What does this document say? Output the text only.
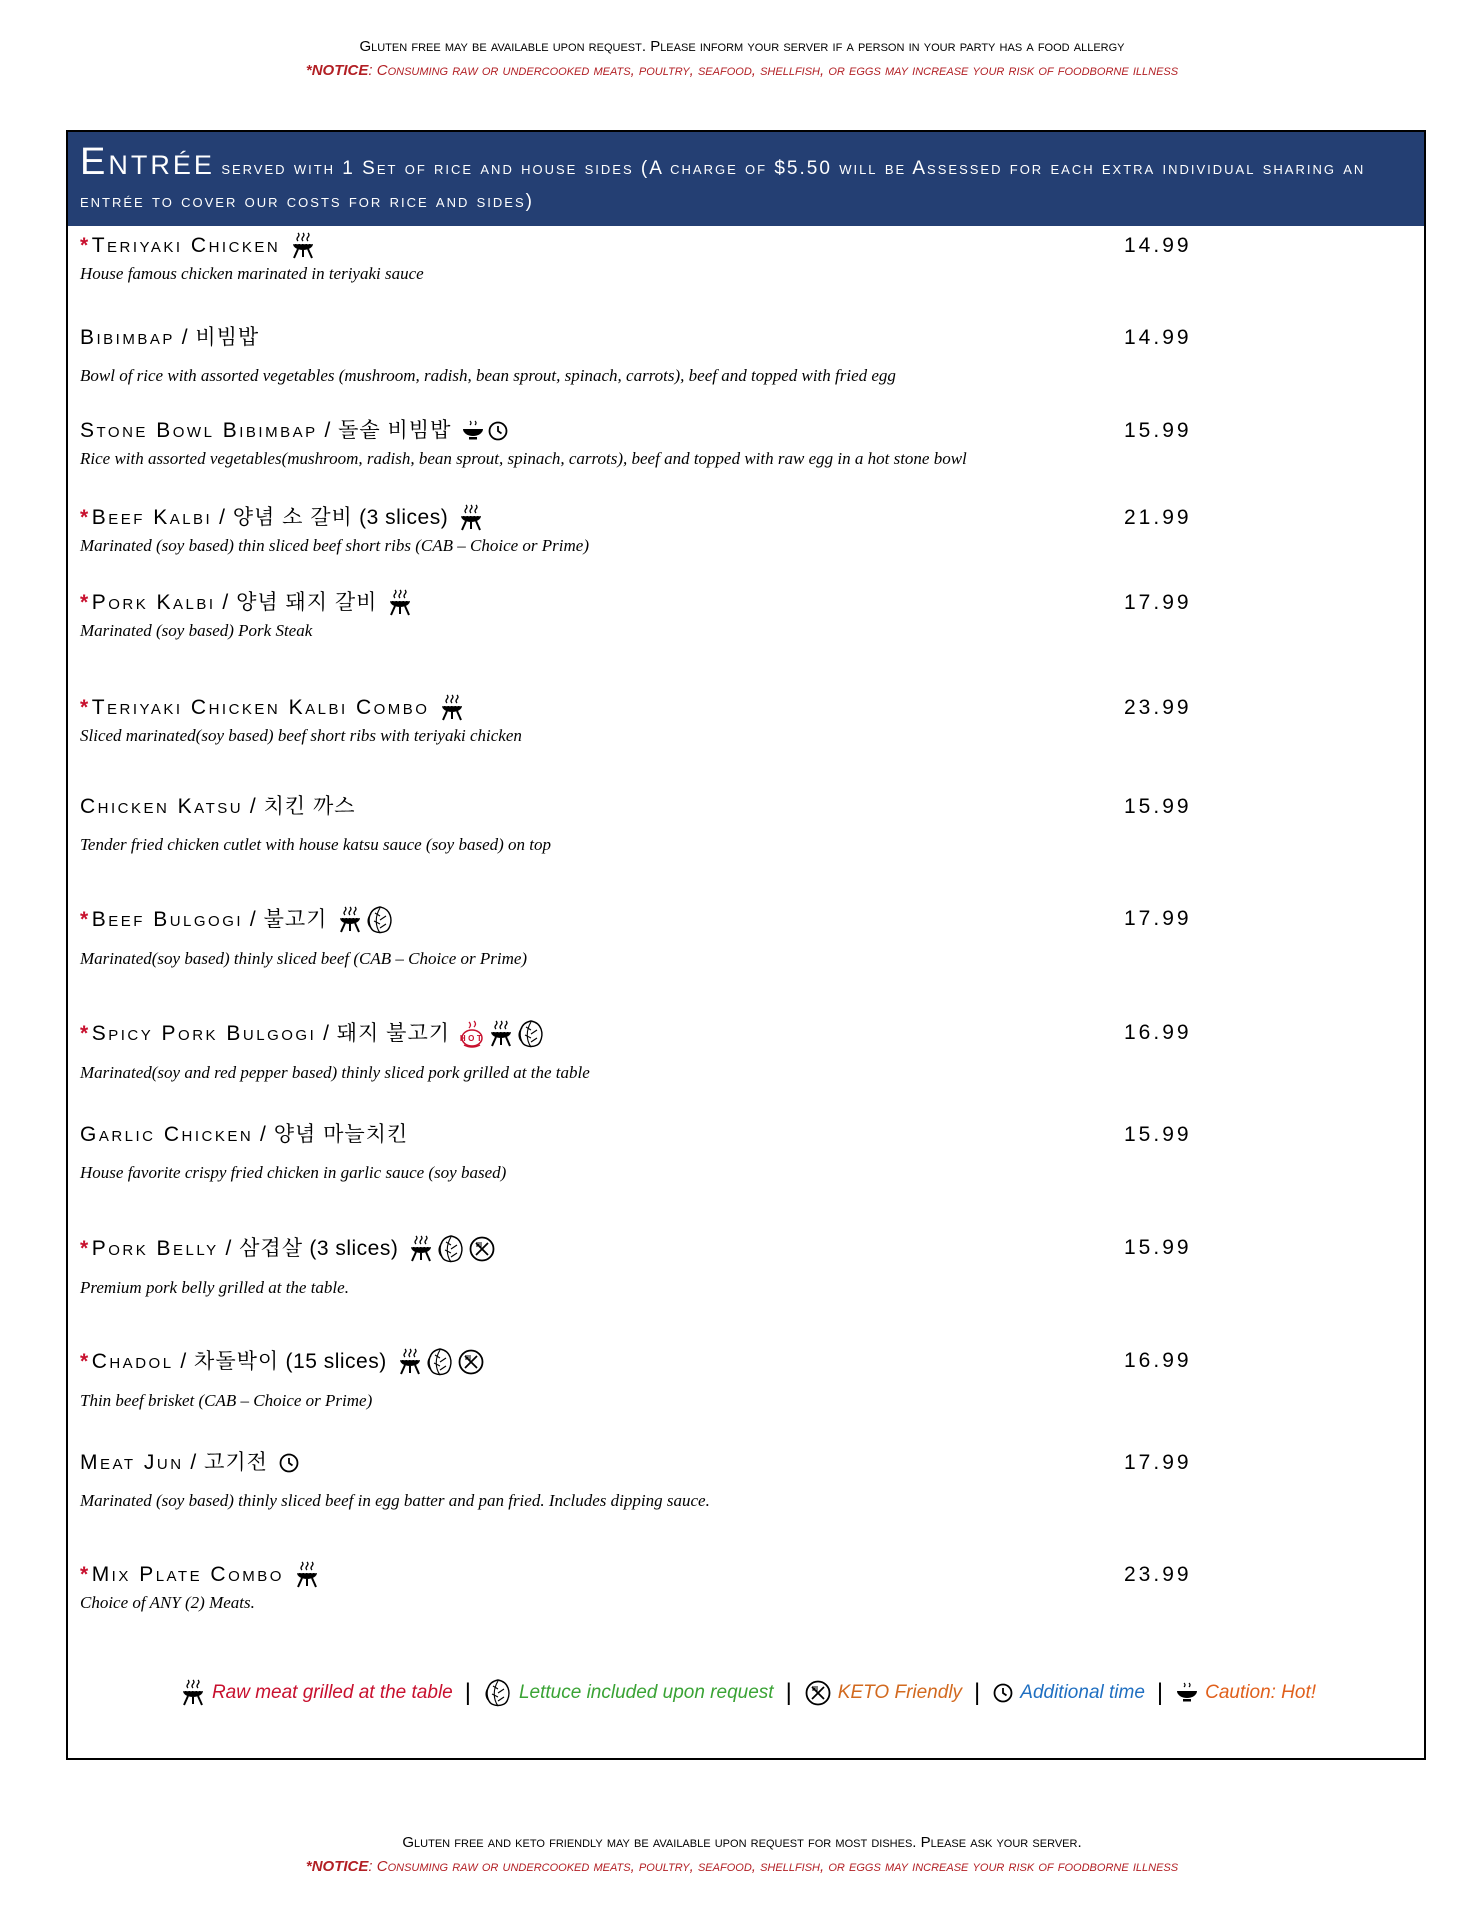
Gluten free may be available upon request. Please inform your server if a person in your party has a food allergy
*NOTICE: Consuming raw or undercooked meats, poultry, seafood, shellfish, or eggs may increase your risk of foodborne illness
Entrée served with 1 Set of rice and house sides (A charge of $5.50 will be Assessed for each extra individual sharing an entrée to cover our costs for rice and sides)
* Teriyaki Chicken
House famous chicken marinated in teriyaki sauce
14.99
Bibimbap / 비빔밥
Bowl of rice with assorted vegetables (mushroom, radish, bean sprout, spinach, carrots), beef and topped with fried egg
14.99
Stone Bowl Bibimbap / 돌솥 비빔밥
Rice with assorted vegetables(mushroom, radish, bean sprout, spinach, carrots), beef and topped with raw egg in a hot stone bowl
15.99
* Beef Kalbi / 양념 소 갈비 (3 slices)
Marinated (soy based) thin sliced beef short ribs (CAB – Choice or Prime)
21.99
* Pork Kalbi / 양념 돼지 갈비
Marinated (soy based) Pork Steak
17.99
* Teriyaki Chicken Kalbi Combo
Sliced marinated(soy based) beef short ribs with teriyaki chicken
23.99
Chicken Katsu / 치킨 까스
Tender fried chicken cutlet with house katsu sauce (soy based) on top
15.99
* Beef Bulgogi / 불고기
Marinated(soy based) thinly sliced beef (CAB – Choice or Prime)
17.99
* Spicy Pork Bulgogi / 돼지 불고기 HOT
Marinated(soy and red pepper based) thinly sliced pork grilled at the table
16.99
Garlic Chicken / 양념 마늘치킨
House favorite crispy fried chicken in garlic sauce (soy based)
15.99
* Pork Belly / 삼겹살 (3 slices)
Premium pork belly grilled at the table.
15.99
* Chadol / 차돌박이 (15 slices)
Thin beef brisket (CAB – Choice or Prime)
16.99
Meat Jun / 고기전
Marinated (soy based) thinly sliced beef in egg batter and pan fried. Includes dipping sauce.
17.99
* Mix Plate Combo
Choice of ANY (2) Meats.
23.99
Raw meat grilled at the table |	Lettuce included upon request | KETO Friendly | Additional time | Caution: Hot!
Gluten free and keto friendly may be available upon request for most dishes. Please ask your server.
*NOTICE: Consuming raw or undercooked meats, poultry, seafood, shellfish, or eggs may increase your risk of foodborne illness
